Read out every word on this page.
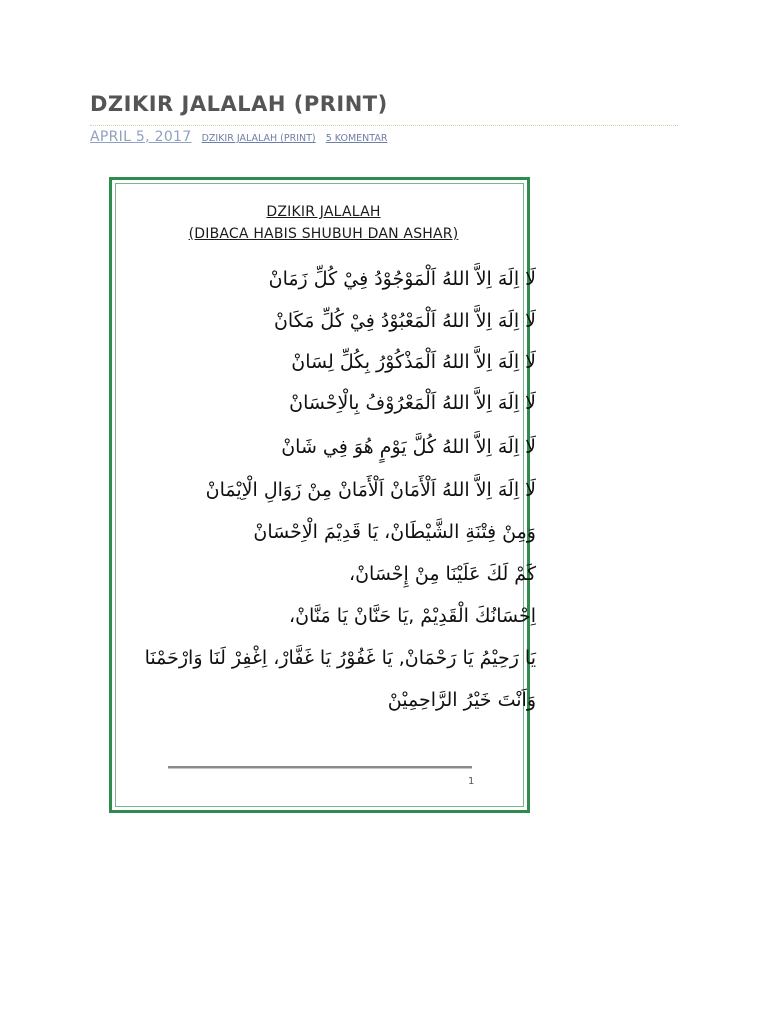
DZIKIR JALALAH (PRINT)
APRIL 5, 2017 DZIKIR JALALAH (PRINT) 5 KOMENTAR
DZIKIR JALALAH
(DIBACA HABIS SHUBUH DAN ASHAR)
لَا اِلَهَ اِلاَّ اللهُ اَلْمَوْجُوْدُ فِيْ كُلِّ زَمَانْ
لَا اِلَهَ اِلاَّ اللهُ اَلْمَعْبُوْدُ فِيْ كُلِّ مَكَانْ
لَا اِلَهَ اِلاَّ اللهُ اَلْمَذْكُوْرُ بِكُلِّ لِسَانْ
لَا اِلَهَ اِلاَّ اللهُ اَلْمَعْرُوْفُ بِالْاِحْسَانْ
لَا اِلَهَ اِلاَّ اللهُ كُلَّ يَوْمٍ هُوَ فِي شَانْ
لَا اِلَهَ اِلاَّ اللهُ اَلْأَمَانْ اَلْأَمَانْ مِنْ زَوَالِ الْاِيْمَانْ
وَمِنْ فِتْنَةِ الشَّيْطَانْ، يَا قَدِيْمَ الْاِحْسَانْ
كَمْ لَكَ عَلَيْنَا مِنْ إِحْسَانْ،
اِحْسَانُكَ الْقَدِيْمْ ,يَا حَنَّانْ يَا مَنَّانْ،
يَا رَحِيْمُ يَا رَحْمَانْ, يَا غَفُوْرُ يَا غَفَّارْ، اِغْفِرْ لَنَا وَارْحَمْنَا
وَاَنْتَ خَيْرُ الرَّاحِمِيْنْ
1
